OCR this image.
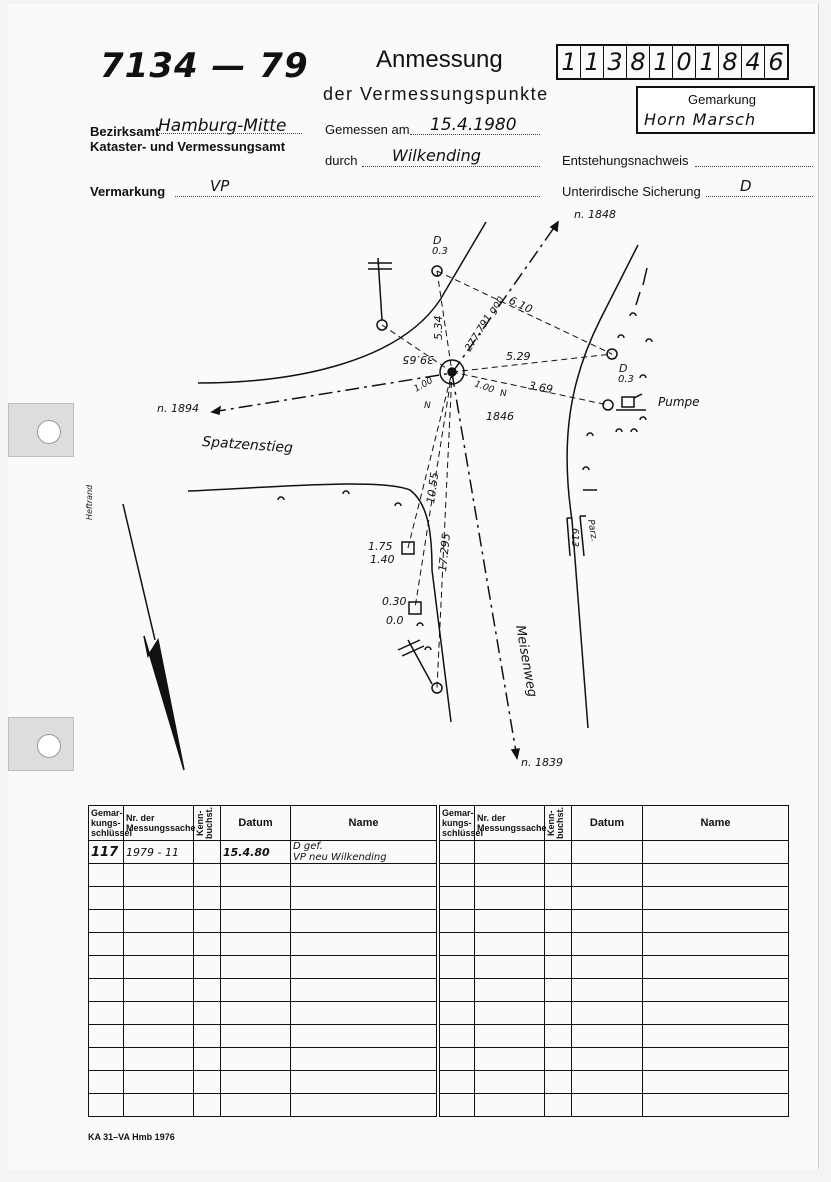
7134 — 79	Anmessung
der Vermessungspunkte
1 1 3 8 1 0 1 8 4 6
Gemarkung
Horn Marsch
Bezirksamt
Hamburg-Mitte
Kataster- und Vermessungsamt
Gemessen am 15.4.1980
durch Wilkending	Entstehungsnachweis
Vermarkung	VP	Unterirdische Sicherung	D
n. 1848
n. 1894
n. 1839
D
0.3
D
0.3
6.10
5.34
39.65
277.791 gon
5.29
3.69
1.00	1.00
N
N
1846
Pumpe
Spatzenstieg
10.55
17.295
1.75
1.40
0.30
0.0
Meisenweg
Parz.
613
Heftrand
Gemar-kungs-schlüssel	Nr. der Messungssache	Kenn-buchst.	Datum	Name
117	1979 - 11		15.4.80	D gef.
VP neu Wilkending

Gemar-kungs-schlüssel	Nr. der Messungssache	Kenn-buchst.	Datum	Name

KA 31–VA Hmb 1976
